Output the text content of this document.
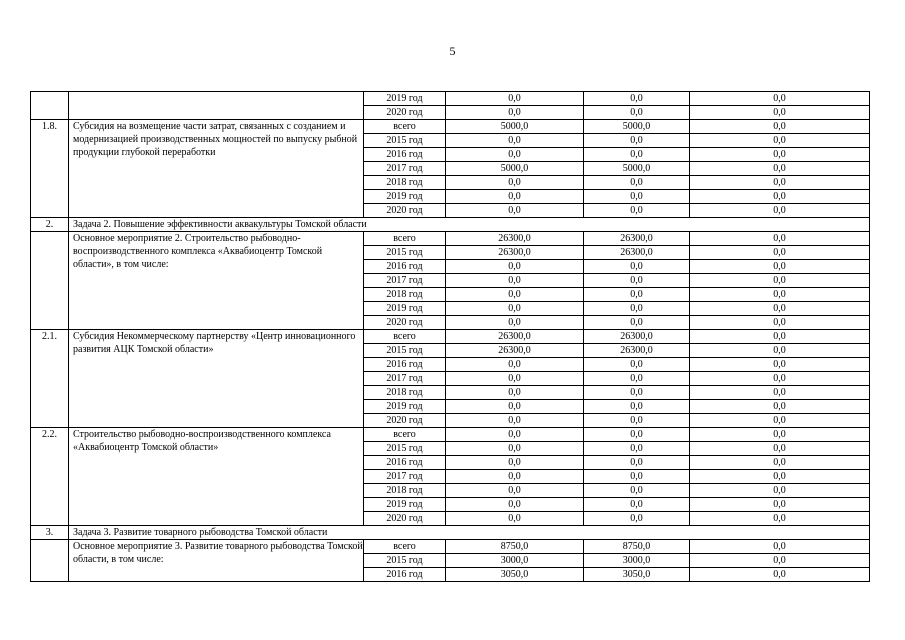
5
		2019 год	0,0	0,0	0,0
		2020 год	0,0	0,0	0,0
1.8.	Субсидия на возмещение части затрат, связанных с созданием и модернизацией производственных мощностей по выпуску рыбной продукции глубокой переработки	всего	5000,0	5000,0	0,0
		2015 год	0,0	0,0	0,0
		2016 год	0,0	0,0	0,0
		2017 год	5000,0	5000,0	0,0
		2018 год	0,0	0,0	0,0
		2019 год	0,0	0,0	0,0
		2020 год	0,0	0,0	0,0
2.	Задача 2. Повышение эффективности аквакультуры Томской области				
	Основное мероприятие 2. Строительство рыбоводно-воспроизводственного комплекса «Аквабиоцентр Томской области», в том числе:	всего	26300,0	26300,0	0,0
		2015 год	26300,0	26300,0	0,0
		2016 год	0,0	0,0	0,0
		2017 год	0,0	0,0	0,0
		2018 год	0,0	0,0	0,0
		2019 год	0,0	0,0	0,0
		2020 год	0,0	0,0	0,0
2.1.	Субсидия Некоммерческому партнерству «Центр инновационного развития АЦК Томской области»	всего	26300,0	26300,0	0,0
		2015 год	26300,0	26300,0	0,0
		2016 год	0,0	0,0	0,0
		2017 год	0,0	0,0	0,0
		2018 год	0,0	0,0	0,0
		2019 год	0,0	0,0	0,0
		2020 год	0,0	0,0	0,0
2.2.	Строительство рыбоводно-воспроизводственного комплекса «Аквабиоцентр Томской области»	всего	0,0	0,0	0,0
		2015 год	0,0	0,0	0,0
		2016 год	0,0	0,0	0,0
		2017 год	0,0	0,0	0,0
		2018 год	0,0	0,0	0,0
		2019 год	0,0	0,0	0,0
		2020 год	0,0	0,0	0,0
3.	Задача 3. Развитие товарного рыбоводства Томской области				
	Основное мероприятие 3. Развитие товарного рыбоводства Томской области, в том числе:	всего	8750,0	8750,0	0,0
		2015 год	3000,0	3000,0	0,0
		2016 год	3050,0	3050,0	0,0
